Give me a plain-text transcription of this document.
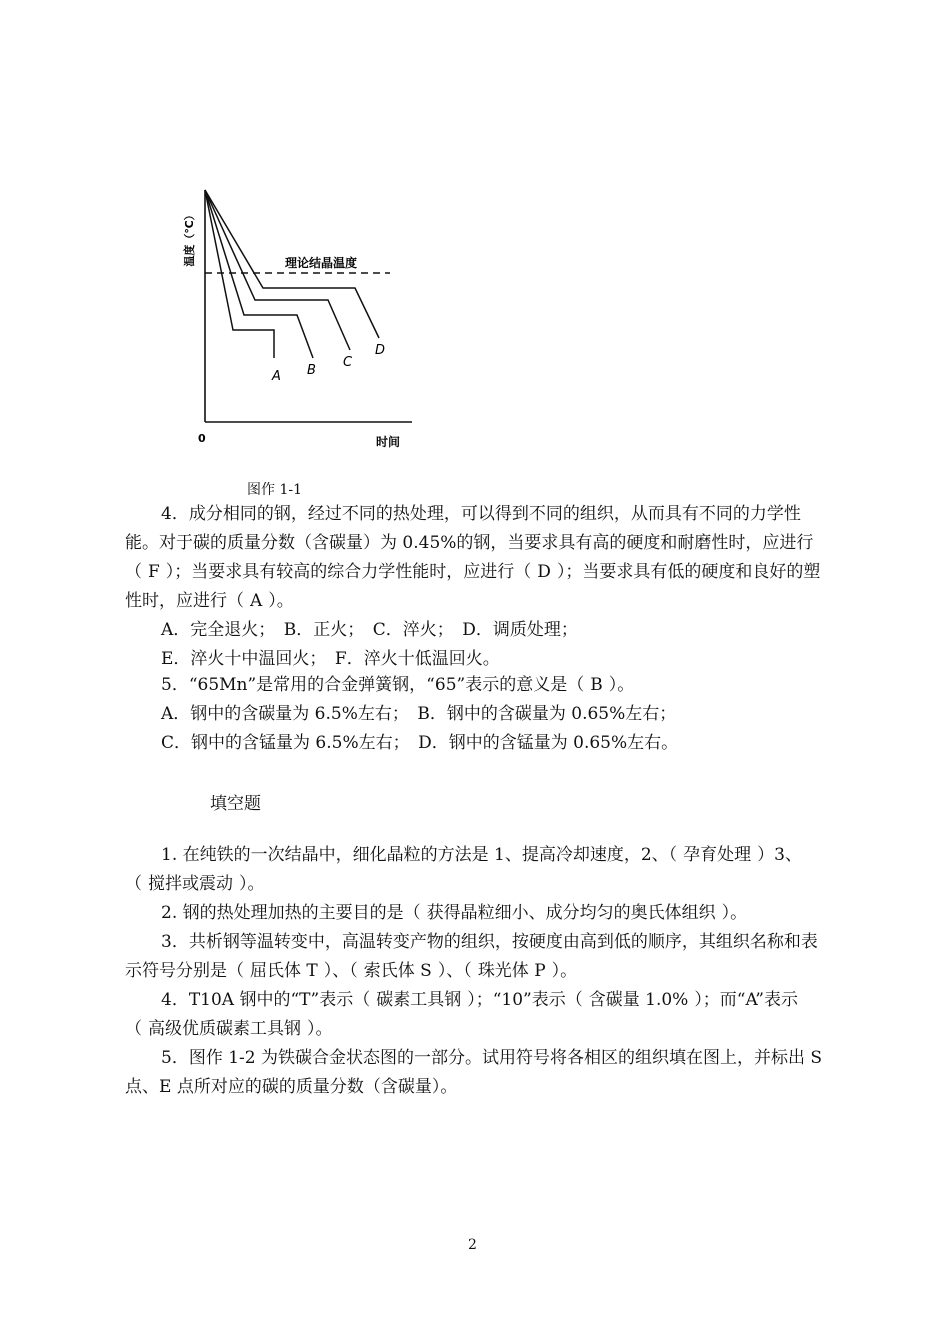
温度（℃）	理论结晶温度
A B
C
D
0	时间
图作 1-1

4．成分相同的钢，经过不同的热处理，可以得到不同的组织，从而具有不同的力学性能。对于碳的质量分数（含碳量）为 0.45%的钢，当要求具有高的硬度和耐磨性时，应进行（ F ）；当要求具有较高的综合力学性能时，应进行（ D ）；当要求具有低的硬度和良好的塑性时，应进行（ A ）。

A．完全退火；　B．正火；　C．淬火；　D．调质处理；

E．淬火十中温回火；　F．淬火十低温回火。

5．“65Mn”是常用的合金弹簧钢，“65”表示的意义是（ B ）。

A．钢中的含碳量为 6.5%左右；　B．钢中的含碳量为 0.65%左右；

C．钢中的含锰量为 6.5%左右；　D．钢中的含锰量为 0.65%左右。

填空题

1. 在纯铁的一次结晶中，细化晶粒的方法是 1、提高冷却速度，2、（ 孕育处理 ）3、（ 搅拌或震动 ）。

2. 钢的热处理加热的主要目的是（ 获得晶粒细小、成分均匀的奥氏体组织 ）。

3．共析钢等温转变中，高温转变产物的组织，按硬度由高到低的顺序，其组织名称和表示符号分别是（ 屈氏体 T ）、（ 索氏体 S ）、（ 珠光体 P ）。

4．T10A 钢中的“T”表示（ 碳素工具钢 ）；“10”表示（ 含碳量 1.0% ）；而“A”表示（ 高级优质碳素工具钢 ）。

5．图作 1-2 为铁碳合金状态图的一部分。试用符号将各相区的组织填在图上，并标出 S 点、E 点所对应的碳的质量分数（含碳量）。

2
